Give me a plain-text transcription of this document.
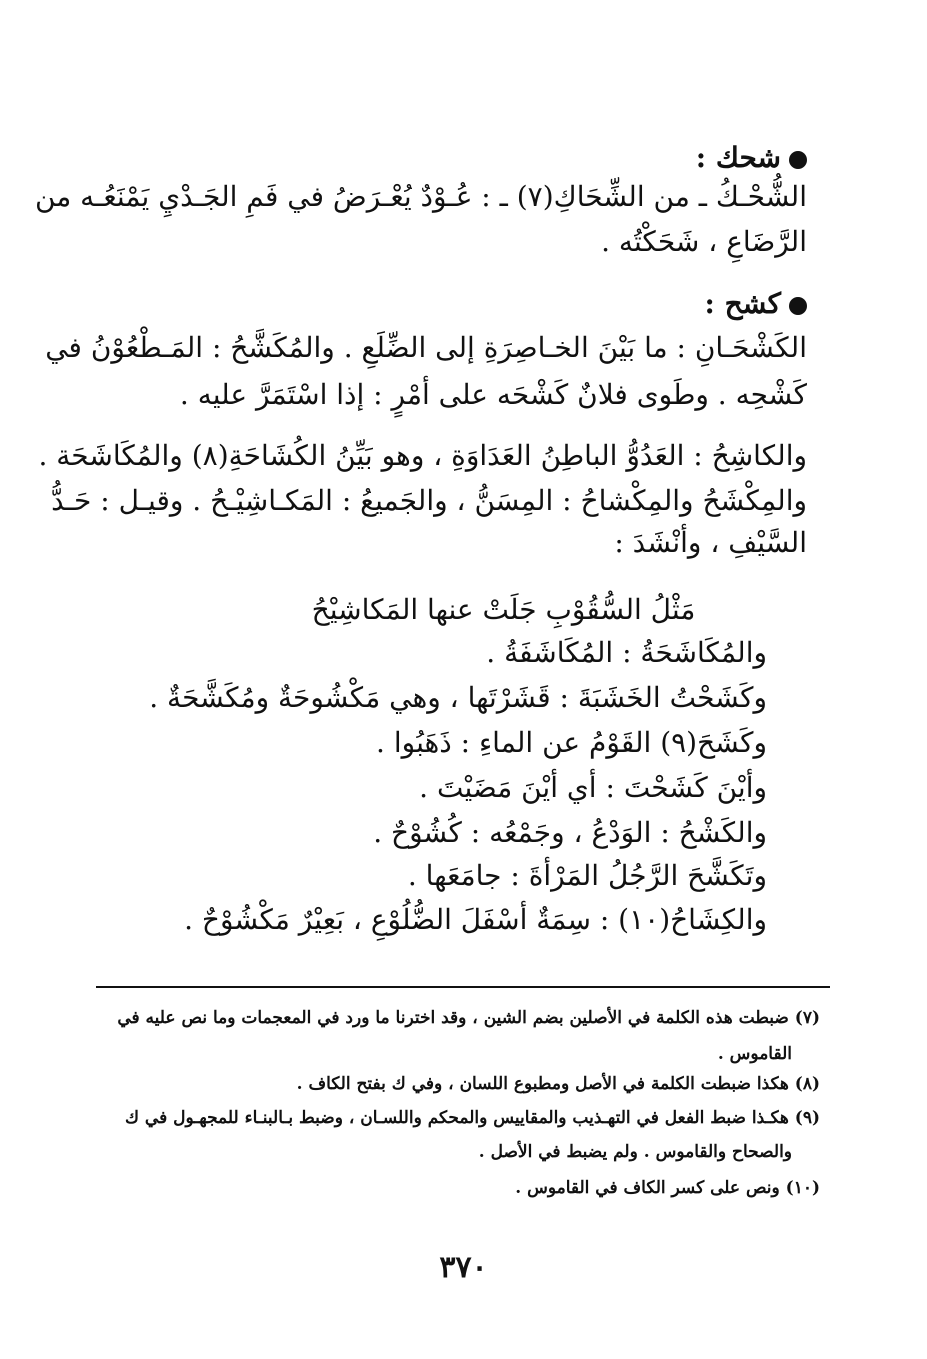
شحك :
الشُّحْـكُ ـ من الشِّحَاكِ(٧) ـ : عُـوْدٌ يُعْـرَضُ في فَمِ الجَـدْيِ يَمْنَعُـه من
الرَّضَاعِ ، شَحَكْتُه .
كشح :
الكَشْحَـانِ : ما بَيْنَ الخـاصِرَةِ إلى الضِّلَعِ . والمُكَشَّحُ : المَـطْعُوْنُ في
كَشْحِه . وطَوى فلانٌ كَشْحَه على أمْرٍ : إذا اسْتَمَرَّ عليه .
والكاشِحُ : العَدُوُّ الباطِنُ العَدَاوَةِ ، وهو بَيِّنُ الكُشَاحَةِ(٨) والمُكَاشَحَة .
والمِكْشَحُ والمِكْشاحُ : المِسَنُّ ، والجَميعُ : المَكـاشِيْـحُ . وقيـل : حَـدُّ
السَّيْفِ ، وأنْشَدَ :
مَثْلُ السُّقُوْبِ جَلَتْ عنها المَكاشِيْحُ
والمُكَاشَحَةُ : المُكَاشَفَةُ .
وكَشَحْتُ الخَشَبَةَ : قَشَرْتَها ، وهي مَكْشُوحَةٌ ومُكَشَّحَةٌ .
وكَشَحَ(٩) القَوْمُ عن الماءِ : ذَهَبُوا .
وأيْنَ كَشَحْتَ : أي أيْنَ مَضَيْتَ .
والكَشْحُ : الوَدْعُ ، وجَمْعُه : كُشُوْحٌ .
وتَكَشَّحَ الرَّجُلُ المَرْأةَ : جامَعَها .
والكِشَاحُ(١٠) : سِمَةٌ أسْفَلَ الضُّلُوْعِ ، بَعِيْرٌ مَكْشُوْحٌ .
(٧) ضبطت هذه الكلمة في الأصلين بضم الشين ، وقد اخترنا ما ورد في المعجمات وما نص عليه في
القاموس .
(٨) هكذا ضبطت الكلمة في الأصل ومطبوع اللسان ، وفي ك بفتح الكاف .
(٩) هكـذا ضبط الفعل في التهـذيب والمقاييس والمحكم واللسـان ، وضبط بـالبنـاء للمجهـول في ك
والصحاح والقاموس . ولم يضبط في الأصل .
(١٠) ونص على كسر الكاف في القاموس .
٣٧٠
